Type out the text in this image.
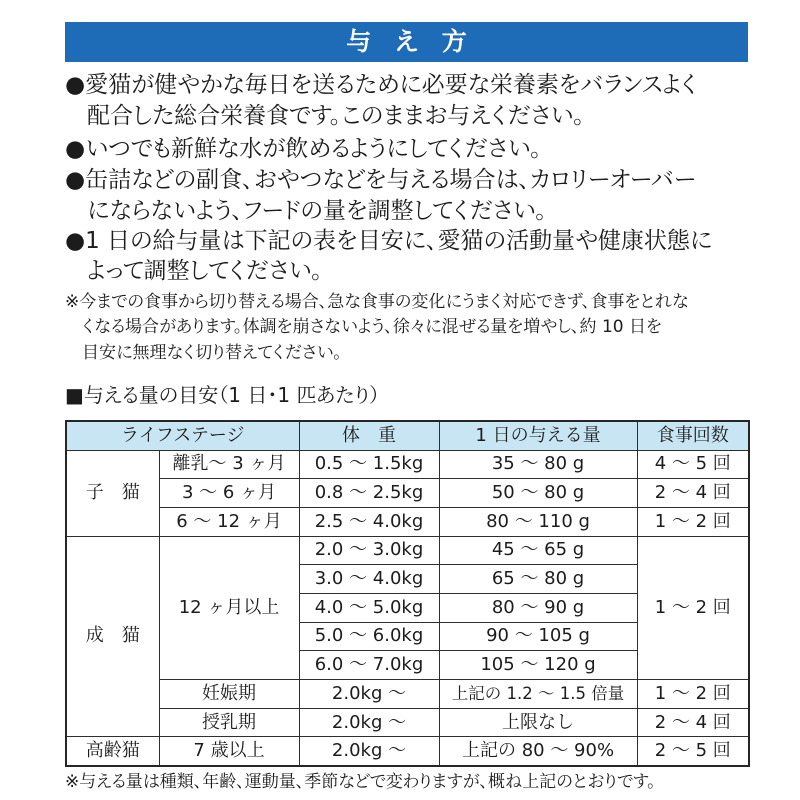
与 え 方
●愛猫が健やかな毎日を送るために必要な栄養素をバランスよく
配合した総合栄養食です。このままお与えください。
●いつでも新鮮な水が飲めるようにしてください。
●缶詰などの副食、おやつなどを与える場合は、カロリーオーバー
にならないよう、フードの量を調整してください。
●1 日の給与量は下記の表を目安に、愛猫の活動量や健康状態に
よって調整してください。
※今までの食事から切り替える場合、急な食事の変化にうまく対応できず、食事をとれな
くなる場合があります。体調を崩さないよう、徐々に混ぜる量を増やし、約 10 日を
目安に無理なく切り替えてください。
■与える量の目安（1 日・1 匹あたり）
ライフステージ		体　重	1 日の与える量	食事回数
子　猫	離乳～ 3 ヶ月	0.5 ～ 1.5kg	35 ～ 80 g	4 ～ 5 回
	3 ～ 6 ヶ月	0.8 ～ 2.5kg	50 ～ 80 g	2 ～ 4 回
	6 ～ 12 ヶ月	2.5 ～ 4.0kg	80 ～ 110 g	1 ～ 2 回
成　猫	12 ヶ月以上	2.0 ～ 3.0kg	45 ～ 65 g	1 ～ 2 回
		3.0 ～ 4.0kg	65 ～ 80 g	
		4.0 ～ 5.0kg	80 ～ 90 g	
		5.0 ～ 6.0kg	90 ～ 105 g	
		6.0 ～ 7.0kg	105 ～ 120 g	
	妊娠期	2.0kg ～	上記の 1.2 ～ 1.5 倍量	1 ～ 2 回
	授乳期	2.0kg ～	上限なし	2 ～ 4 回
高齢猫	7 歳以上	2.0kg ～	上記の 80 ～ 90%	2 ～ 5 回
※与える量は種類、年齢、運動量、季節などで変わりますが、概ね上記のとおりです。
